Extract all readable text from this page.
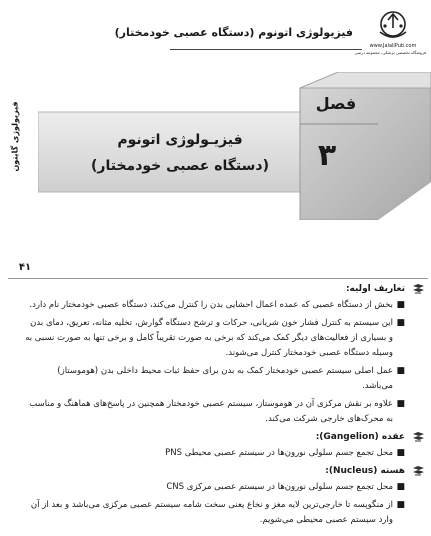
فیزیولوژی اتونوم (دستگاه عصبی خودمختار)
www.JalaliPub.com
فروشگاه تخصصی پزشکی، مجموعه درسی
فیزیولوژی گایتون	فصل
۳
فیزیـولوژی اتونوم
(دستگاه عصبی خودمختار)
۴۱
تعاریف اولیه:
■
بخش از دستگاه عصبی که عمده اعمال احشایی بدن را کنترل می‌کند، دستگاه عصبی خودمختار نام دارد.
■
این سیستم به کنترل فشار خون شریانی، حرکات و ترشح دستگاه گوارش، تخلیه مثانه، تعریق، دمای بدن و بسیاری از فعالیت‌های دیگر کمک می‌کند که برخی به صورت تقریباً کامل و برخی تنها به صورت نسبی به وسیله دستگاه عصبی خودمختار کنترل می‌شوند.
■
عمل اصلی سیستم عصبی خودمختار کمک به بدن برای حفظ ثبات محیط داخلی بدن (هوموستاز) می‌باشد.
■
علاوه بر نقش مرکزی آن در هوموستاز، سیستم عصبی خودمختار همچنین در پاسخ‌های هماهنگ و مناسب به محرک‌های خارجی شرکت می‌کند.
عقده (Gangelion):
■
محل تجمع جسم سلولی نورون‌ها در سیستم عصبی محیطی PNS
هسته (Nucleus):
■
محل تجمع جسم سلولی نورون‌ها در سیستم عصبی مرکزی CNS
■
از منگوپسه تا خارجی‌ترین لایه مغز و نخاع یعنی سخت شامه سیستم عصبی مرکزی می‌باشد و بعد از آن وارد سیستم عصبی محیطی می‌شویم.
